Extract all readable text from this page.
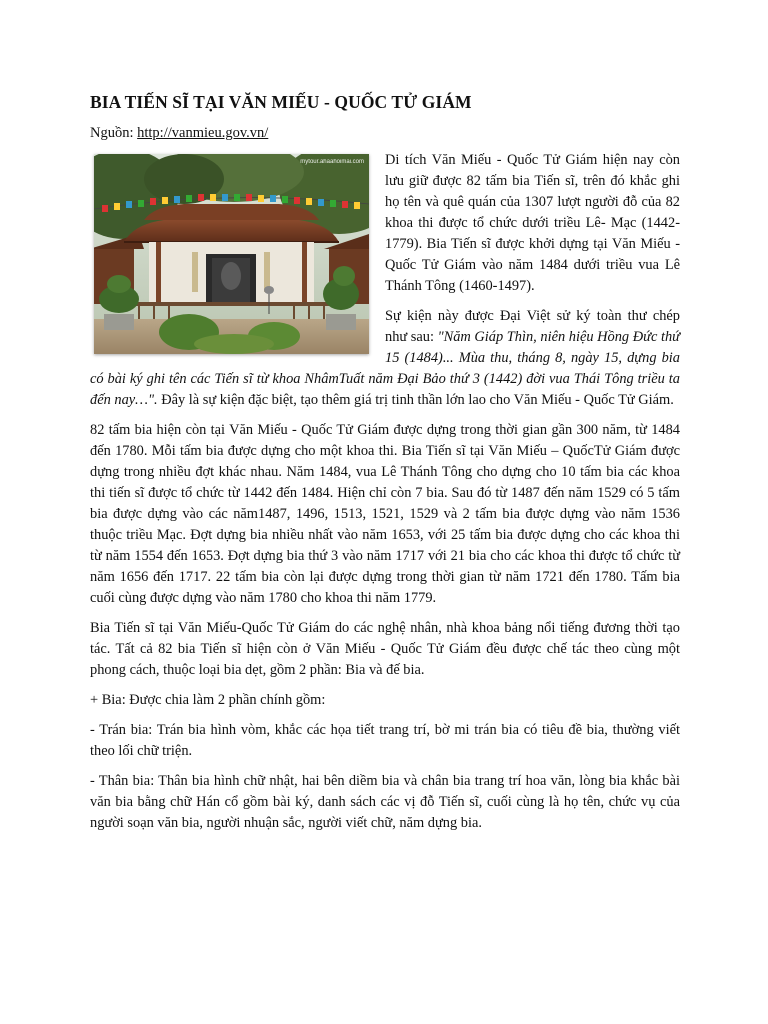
BIA TIẾN SĨ TẠI VĂN MIẾU - QUỐC TỬ GIÁM
Nguồn: http://vanmieu.gov.vn/
mytour.ahaahoimai.com	Di tích Văn Miếu - Quốc Tử Giám hiện nay còn lưu giữ được 82 tấm bia Tiến sĩ, trên đó khắc ghi họ tên và quê quán của 1307 lượt người đỗ của 82 khoa thi được tổ chức dưới triều Lê- Mạc (1442-1779). Bia Tiến sĩ được khởi dựng tại Văn Miếu - Quốc Tử Giám vào năm 1484 dưới triều vua Lê Thánh Tông (1460-1497).

Sự kiện này được Đại Việt sử ký toàn thư chép như sau: "Năm Giáp Thìn, niên hiệu Hồng Đức thứ 15 (1484)... Mùa thu, tháng 8, ngày 15, dựng bia có bài ký ghi tên các Tiến sĩ từ khoa NhâmTuất năm Đại Bảo thứ 3 (1442) đời vua Thái Tông triều ta đến nay…". Đây là sự kiện đặc biệt, tạo thêm giá trị tinh thần lớn lao cho Văn Miếu - Quốc Tử Giám.

82 tấm bia hiện còn tại Văn Miếu - Quốc Tử Giám được dựng trong thời gian gần 300 năm, từ 1484 đến 1780. Mỗi tấm bia được dựng cho một khoa thi. Bia Tiến sĩ tại Văn Miếu – QuốcTử Giám được dựng trong nhiều đợt khác nhau. Năm 1484, vua Lê Thánh Tông cho dựng cho 10 tấm bia các khoa thi tiến sĩ được tổ chức từ 1442 đến 1484. Hiện chỉ còn 7 bia. Sau đó từ 1487 đến năm 1529 có 5 tấm bia được dựng vào các năm1487, 1496, 1513, 1521, 1529 và 2 tấm bia được dựng vào năm 1536 thuộc triều Mạc. Đợt dựng bia nhiều nhất vào năm 1653, với 25 tấm bia được dựng cho các khoa thi từ năm 1554 đến 1653. Đợt dựng bia thứ 3 vào năm 1717 với 21 bia cho các khoa thi được tổ chức từ năm 1656 đến 1717. 22 tấm bia còn lại được dựng trong thời gian từ năm 1721 đến 1780. Tấm bia cuối cùng được dựng vào năm 1780 cho khoa thi năm 1779.

Bia Tiến sĩ tại Văn Miếu-Quốc Tử Giám do các nghệ nhân, nhà khoa bảng nổi tiếng đương thời tạo tác. Tất cả 82 bia Tiến sĩ hiện còn ở Văn Miếu - Quốc Tử Giám đều được chế tác theo cùng một phong cách, thuộc loại bia dẹt, gồm 2 phần: Bia và đế bia.

+ Bia: Được chia làm 2 phần chính gồm:

- Trán bia: Trán bia hình vòm, khắc các họa tiết trang trí, bờ mi trán bia có tiêu đề bia, thường viết theo lối chữ triện.

- Thân bia: Thân bia hình chữ nhật, hai bên diềm bia và chân bia trang trí hoa văn, lòng bia khắc bài văn bia bằng chữ Hán cổ gồm bài ký, danh sách các vị đỗ Tiến sĩ, cuối cùng là họ tên, chức vụ của người soạn văn bia, người nhuận sắc, người viết chữ, năm dựng bia.
